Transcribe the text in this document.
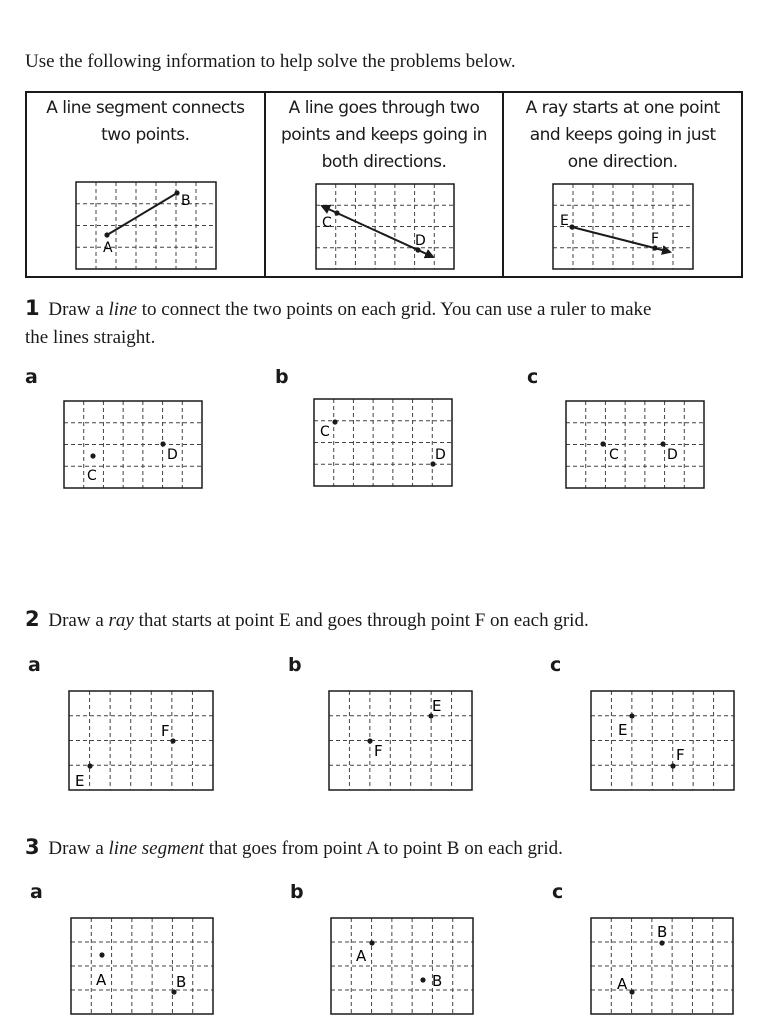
Use the following information to help solve the problems below.
A line segment connects
two points.
A
B
A line goes through two
points and keeps going in
both directions.
C
D
A ray starts at one point
and keeps going in just
one direction.
E
F
1 Draw a line to connect the two points on each grid. You can use a ruler to make
the lines straight.
a	b	c
C
D
C
D	C	D
2 Draw a ray that starts at point E and goes through point F on each grid.
a	b	c
F
E
E
F
E
F
3 Draw a line segment that goes from point A to point B on each grid.
a	b	c
A	B
A
B
B
A
